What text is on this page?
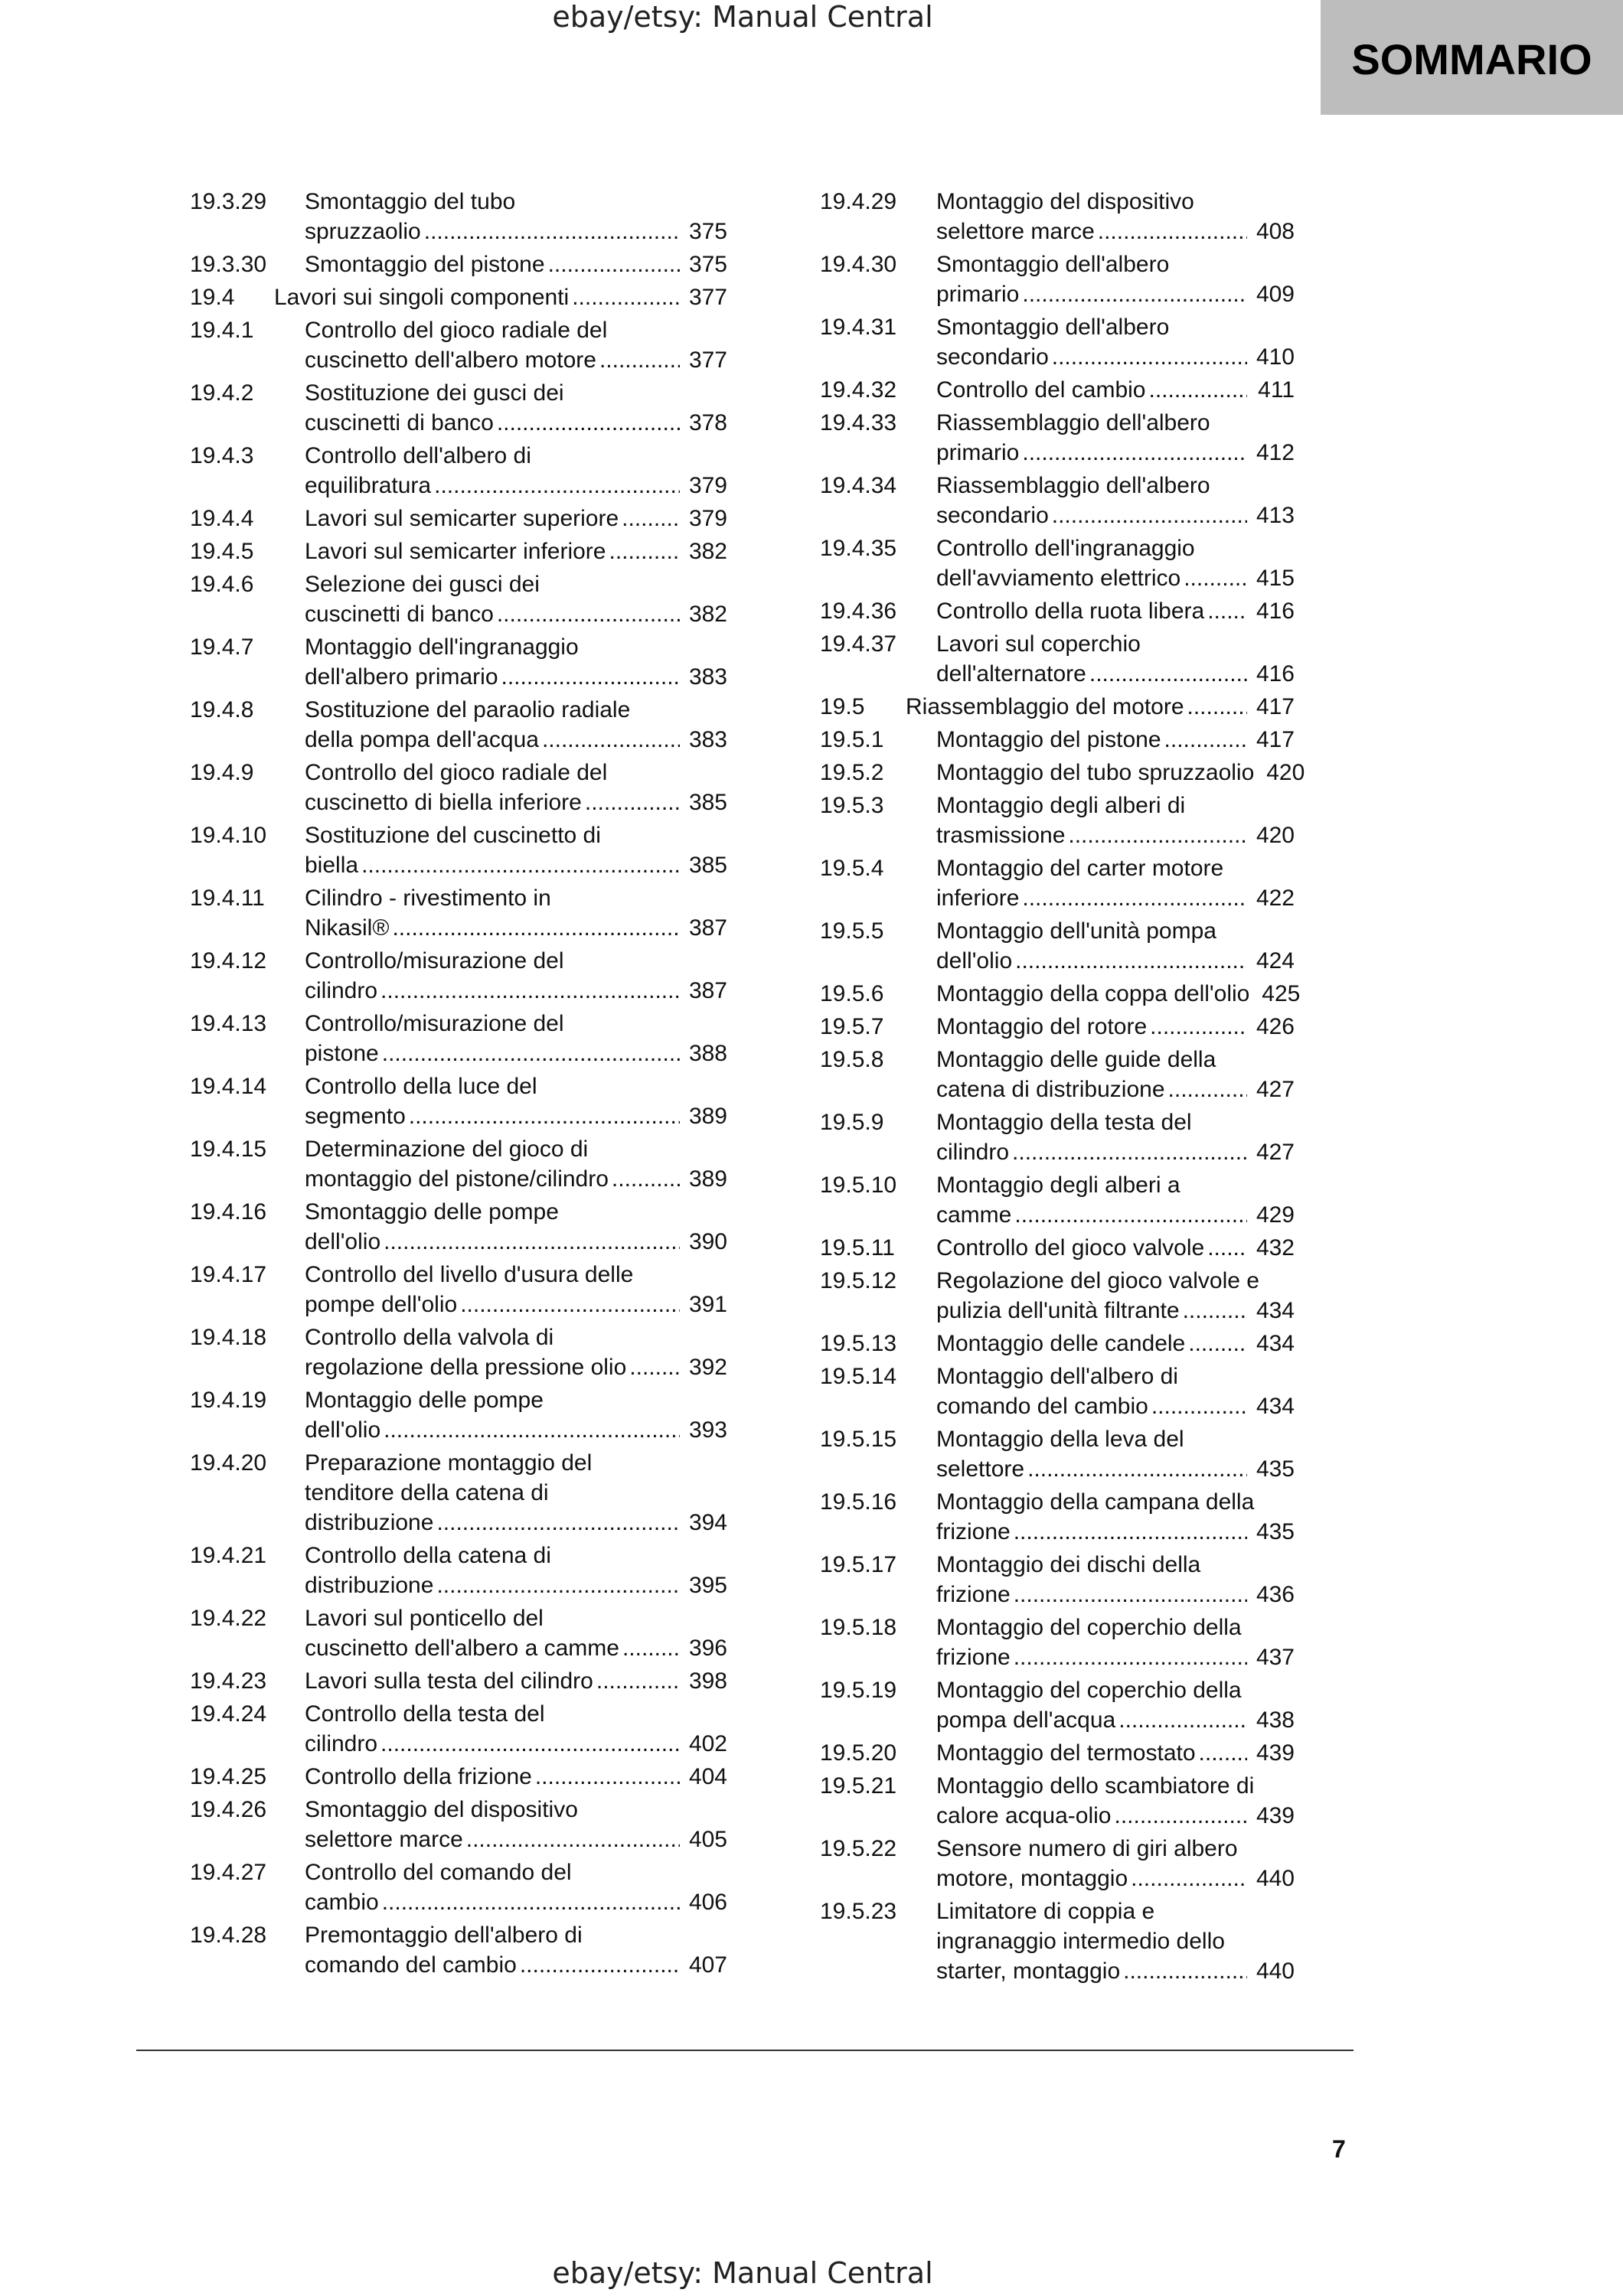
ebay/etsy: Manual Central
SOMMARIO
19.3.29 Smontaggio del tubo
spruzzaolio .....	375
19.3.30 Smontaggio del pistone .....	375
19.4 Lavori sui singoli componenti .....	377
19.4.1 Controllo del gioco radiale del
cuscinetto dell'albero motore .....	377
19.4.2 Sostituzione dei gusci dei
cuscinetti di banco .....	378
19.4.3 Controllo dell'albero di
equilibratura .....	379
19.4.4 Lavori sul semicarter superiore .....	379
19.4.5 Lavori sul semicarter inferiore .....	382
19.4.6 Selezione dei gusci dei
cuscinetti di banco .....	382
19.4.7 Montaggio dell'ingranaggio
dell'albero primario .....	383
19.4.8 Sostituzione del paraolio radiale
della pompa dell'acqua .....	383
19.4.9 Controllo del gioco radiale del
cuscinetto di biella inferiore .....	385
19.4.10 Sostituzione del cuscinetto di
biella .....	385
19.4.11 Cilindro - rivestimento in
Nikasil® .....	387
19.4.12 Controllo/misurazione del
cilindro .....	387
19.4.13 Controllo/misurazione del
pistone .....	388
19.4.14 Controllo della luce del
segmento .....	389
19.4.15 Determinazione del gioco di
montaggio del pistone/cilindro .....	389
19.4.16 Smontaggio delle pompe
dell'olio .....	390
19.4.17 Controllo del livello d'usura delle
pompe dell'olio .....	391
19.4.18 Controllo della valvola di
regolazione della pressione olio .....	392
19.4.19 Montaggio delle pompe
dell'olio .....	393
19.4.20 Preparazione montaggio del
tenditore della catena di
distribuzione .....	394
19.4.21 Controllo della catena di
distribuzione .....	395
19.4.22 Lavori sul ponticello del
cuscinetto dell'albero a camme .....	396
19.4.23 Lavori sulla testa del cilindro .....	398
19.4.24 Controllo della testa del
cilindro .....	402
19.4.25 Controllo della frizione .....	404
19.4.26 Smontaggio del dispositivo
selettore marce .....	405
19.4.27 Controllo del comando del
cambio .....	406
19.4.28 Premontaggio dell'albero di
comando del cambio .....	407
19.4.29 Montaggio del dispositivo
selettore marce .....	408
19.4.30 Smontaggio dell'albero
primario .....	409
19.4.31 Smontaggio dell'albero
secondario .....	410
19.4.32 Controllo del cambio .....	411
19.4.33 Riassemblaggio dell'albero
primario .....	412
19.4.34 Riassemblaggio dell'albero
secondario .....	413
19.4.35 Controllo dell'ingranaggio
dell'avviamento elettrico .....	415
19.4.36 Controllo della ruota libera ..... 416
19.4.37 Lavori sul coperchio
dell'alternatore .....	416
19.5 Riassemblaggio del motore .....	417
19.5.1 Montaggio del pistone .....	417
19.5.2 Montaggio del tubo spruzzaolio 420
19.5.3 Montaggio degli alberi di
trasmissione .....	420
19.5.4 Montaggio del carter motore
inferiore .....	422
19.5.5 Montaggio dell'unità pompa
dell'olio .....	424
19.5.6 Montaggio della coppa dell'olio 425
19.5.7 Montaggio del rotore .....	426
19.5.8 Montaggio delle guide della
catena di distribuzione .....	427
19.5.9 Montaggio della testa del
cilindro .....	427
19.5.10 Montaggio degli alberi a
camme .....	429
19.5.11 Controllo del gioco valvole ..... 432
19.5.12 Regolazione del gioco valvole e
pulizia dell'unità filtrante .....	434
19.5.13 Montaggio delle candele .....	434
19.5.14 Montaggio dell'albero di
comando del cambio .....	434
19.5.15 Montaggio della leva del
selettore .....	435
19.5.16 Montaggio della campana della
frizione .....	435
19.5.17 Montaggio dei dischi della
frizione .....	436
19.5.18 Montaggio del coperchio della
frizione .....	437
19.5.19 Montaggio del coperchio della
pompa dell'acqua .....	438
19.5.20 Montaggio del termostato .....	439
19.5.21 Montaggio dello scambiatore di
calore acqua-olio .....	439
19.5.22 Sensore numero di giri albero
motore, montaggio .....	440
19.5.23 Limitatore di coppia e
ingranaggio intermedio dello
starter, montaggio .....	440
7
ebay/etsy: Manual Central
